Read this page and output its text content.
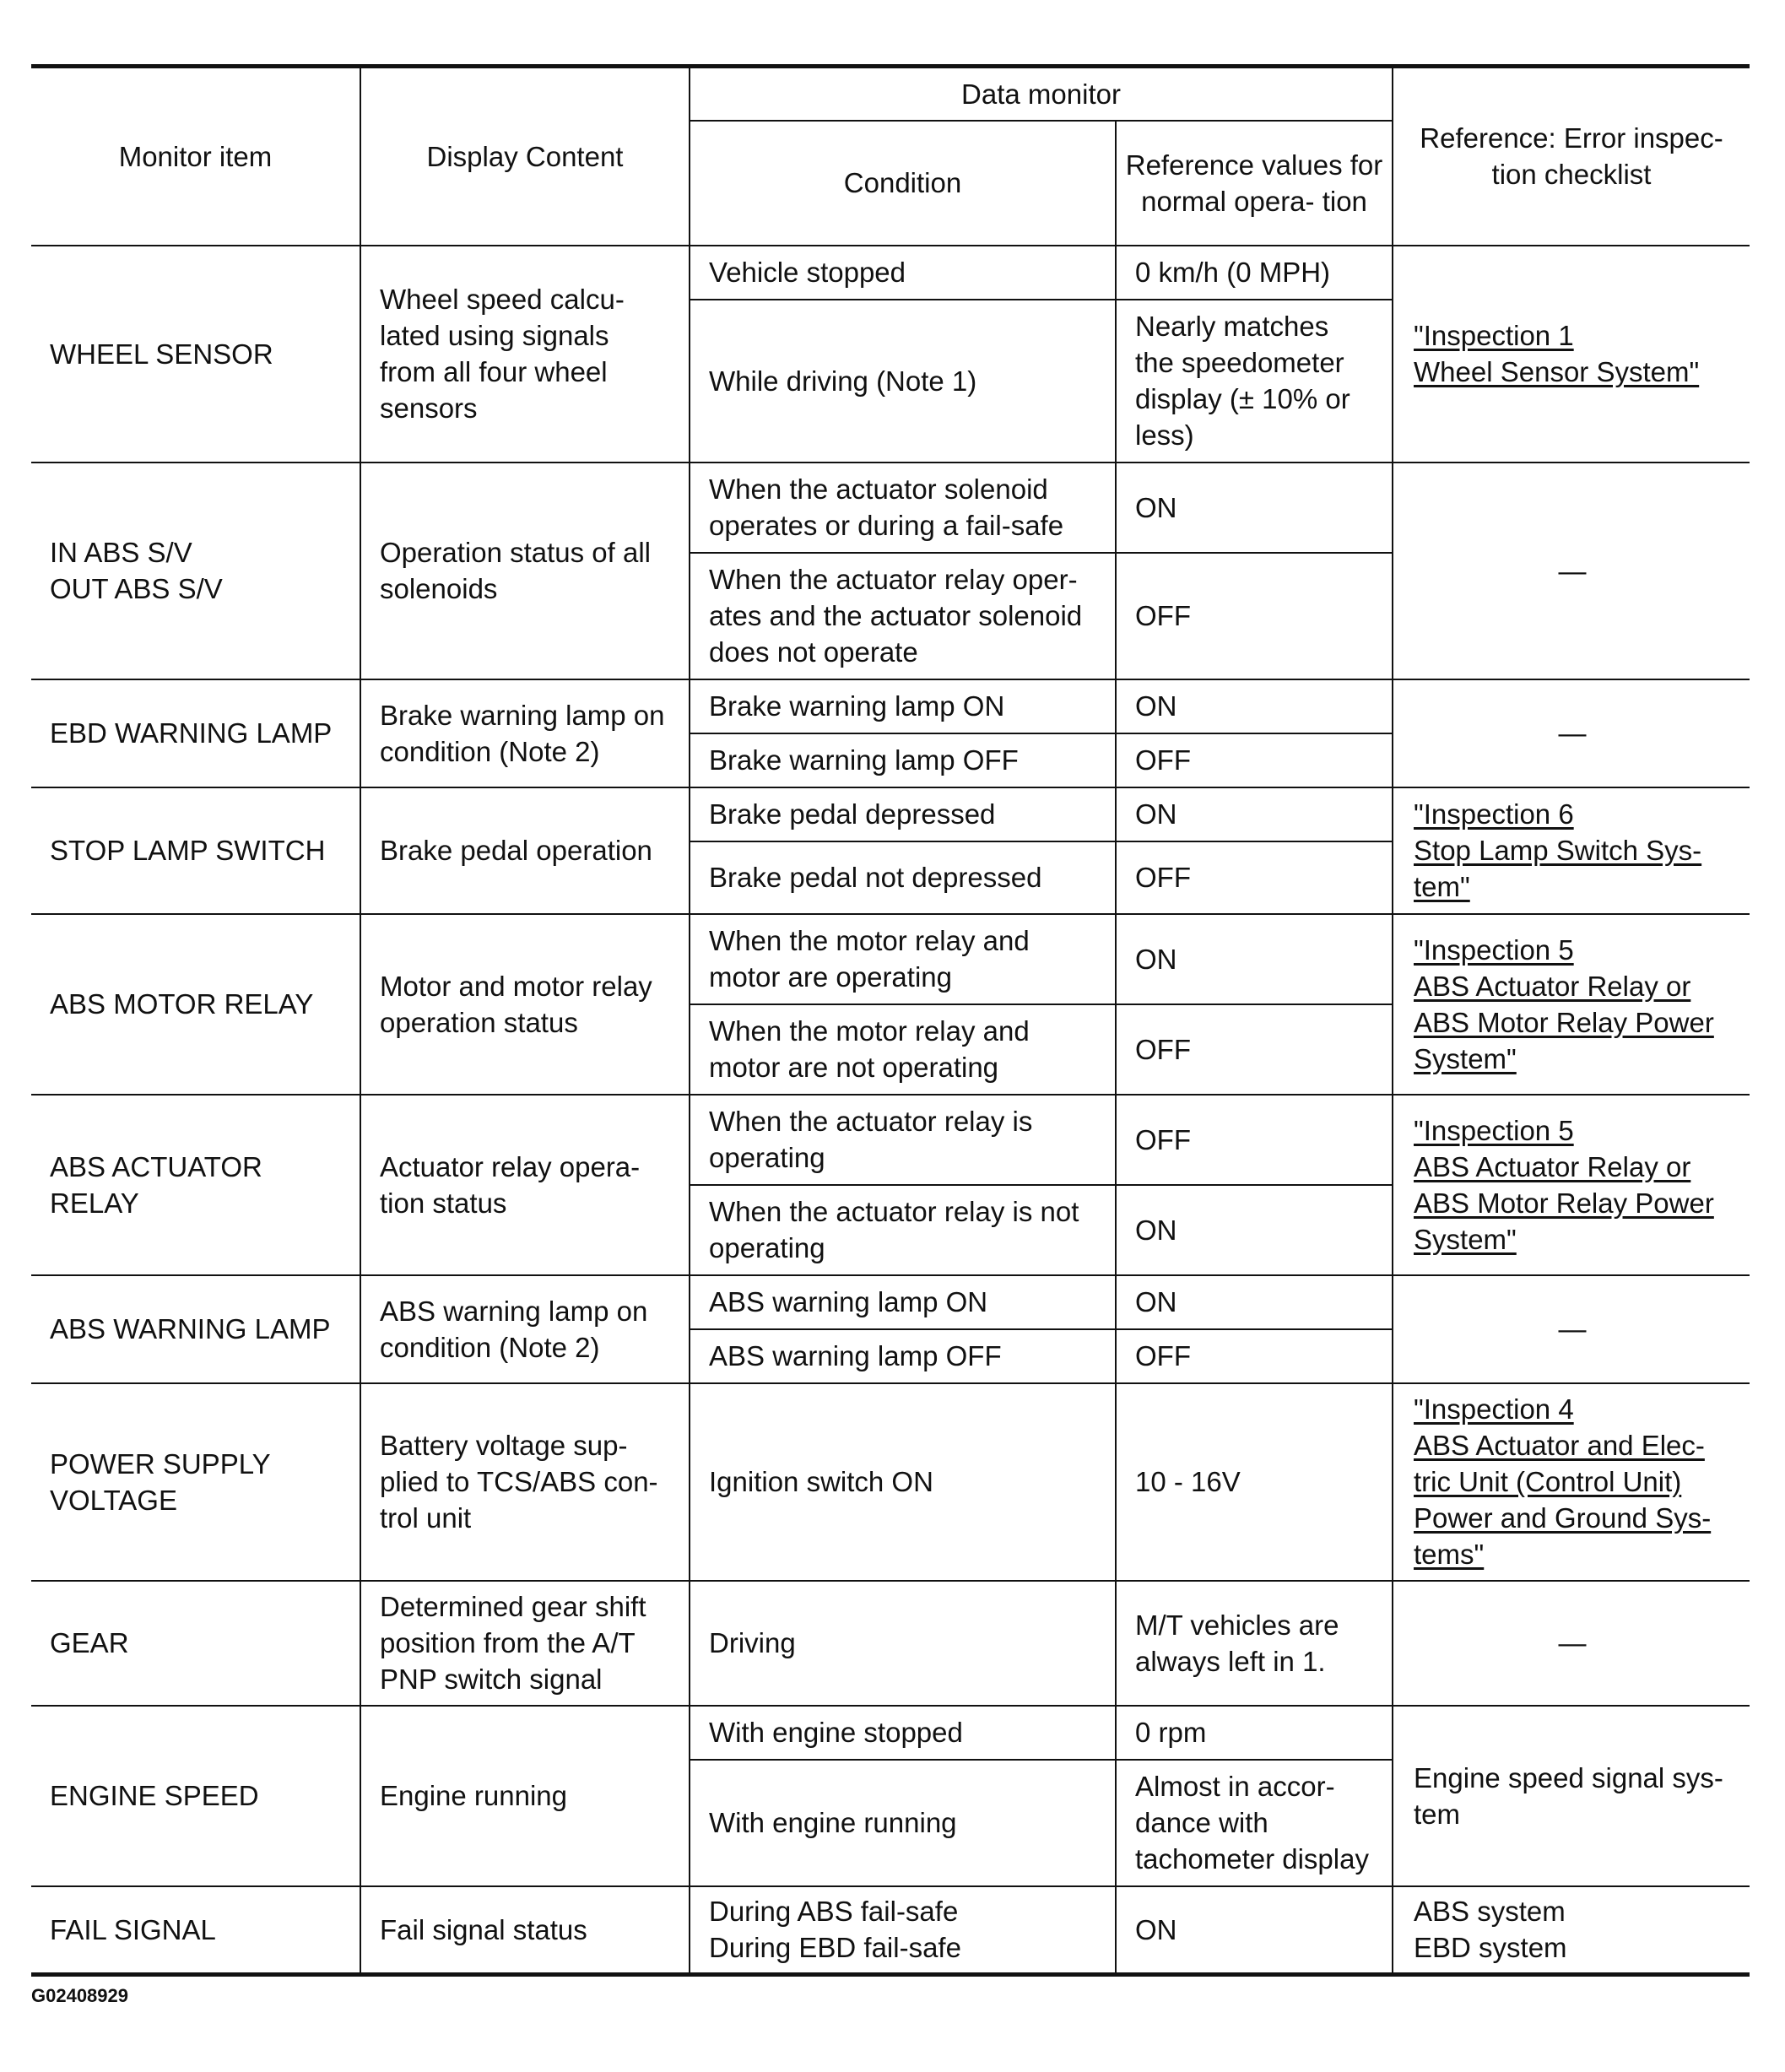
Monitor item	Display Content	Data monitor		Reference: Error inspec- tion checklist
		Condition	Reference values for normal opera- tion	

WHEEL SENSOR	Wheel speed calcu- lated using signals from all four wheel sensors	Vehicle stopped	0 km/h (0 MPH)	"Inspection 1
Wheel Sensor System"

		While driving (Note 1)	Nearly matches the speedometer display (± 10% or less)	

IN ABS S/V
OUT ABS S/V	Operation status of all solenoids	When the actuator solenoid operates or during a fail-safe	ON	—

		When the actuator relay oper- ates and the actuator solenoid does not operate	OFF	

EBD WARNING LAMP	Brake warning lamp on condition (Note 2)	Brake warning lamp ON	ON	—

		Brake warning lamp OFF	OFF	

STOP LAMP SWITCH	Brake pedal operation	Brake pedal depressed	ON	"Inspection 6
Stop Lamp Switch Sys- tem"

		Brake pedal not depressed	OFF	

ABS MOTOR RELAY	Motor and motor relay operation status	When the motor relay and motor are operating	ON	"Inspection 5
ABS Actuator Relay or ABS Motor Relay Power System"

		When the motor relay and motor are not operating	OFF	

ABS ACTUATOR RELAY	Actuator relay opera- tion status	When the actuator relay is operating	OFF	"Inspection 5
ABS Actuator Relay or ABS Motor Relay Power System"

		When the actuator relay is not operating	ON	

ABS WARNING LAMP	ABS warning lamp on condition (Note 2)	ABS warning lamp ON	ON	—

		ABS warning lamp OFF	OFF	

POWER SUPPLY VOLTAGE	Battery voltage sup- plied to TCS/ABS con- trol unit	Ignition switch ON	10 - 16V	"Inspection 4
ABS Actuator and Elec- tric Unit (Control Unit) Power and Ground Sys- tems"

GEAR	Determined gear shift position from the A/T PNP switch signal	Driving	M/T vehicles are always left in 1.	—

ENGINE SPEED	Engine running	With engine stopped	0 rpm	Engine speed signal sys- tem

		With engine running	Almost in accor- dance with tachometer display	

FAIL SIGNAL	Fail signal status	During ABS fail-safe
During EBD fail-safe	ON	ABS system
EBD system
G02408929
